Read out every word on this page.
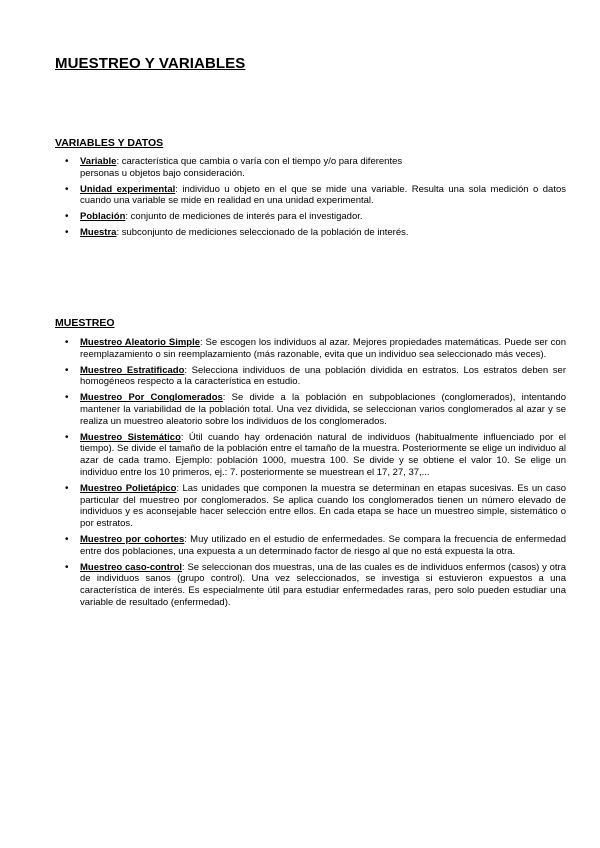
MUESTREO Y VARIABLES
VARIABLES Y DATOS
• Variable: característica que cambia o varía con el tiempo y/o para diferentes personas u objetos bajo consideración.
• Unidad experimental: individuo u objeto en el que se mide una variable. Resulta una sola medición o datos cuando una variable se mide en realidad en una unidad experimental.
• Población: conjunto de mediciones de interés para el investigador.
• Muestra: subconjunto de mediciones seleccionado de la población de interés.
MUESTREO
• Muestreo Aleatorio Simple: Se escogen los individuos al azar. Mejores propiedades matemáticas. Puede ser con reemplazamiento o sin reemplazamiento (más razonable, evita que un individuo sea seleccionado más veces).
• Muestreo Estratificado: Selecciona individuos de una población dividida en estratos. Los estratos deben ser homogéneos respecto a la característica en estudio.
• Muestreo Por Conglomerados: Se divide a la población en subpoblaciones (conglomerados), intentando mantener la variabilidad de la población total. Una vez dividida, se seleccionan varios conglomerados al azar y se realiza un muestreo aleatorio sobre los individuos de los conglomerados.
• Muestreo Sistemático: Útil cuando hay ordenación natural de individuos (habitualmente influenciado por el tiempo). Se divide el tamaño de la población entre el tamaño de la muestra. Posteriormente se elige un individuo al azar de cada tramo. Ejemplo: población 1000, muestra 100. Se divide y se obtiene el valor 10. Se elige un individuo entre los 10 primeros, ej.: 7. posteriormente se muestrean el 17, 27, 37,...
• Muestreo Polietápico: Las unidades que componen la muestra se determinan en etapas sucesivas. Es un caso particular del muestreo por conglomerados. Se aplica cuando los conglomerados tienen un número elevado de individuos y es aconsejable hacer selección entre ellos. En cada etapa se hace un muestreo simple, sistemático o por estratos.
• Muestreo por cohortes: Muy utilizado en el estudio de enfermedades. Se compara la frecuencia de enfermedad entre dos poblaciones, una expuesta a un determinado factor de riesgo al que no está expuesta la otra.
• Muestreo caso-control: Se seleccionan dos muestras, una de las cuales es de individuos enfermos (casos) y otra de individuos sanos (grupo control). Una vez seleccionados, se investiga si estuvieron expuestos a una característica de interés. Es especialmente útil para estudiar enfermedades raras, pero solo pueden estudiar una variable de resultado (enfermedad).
